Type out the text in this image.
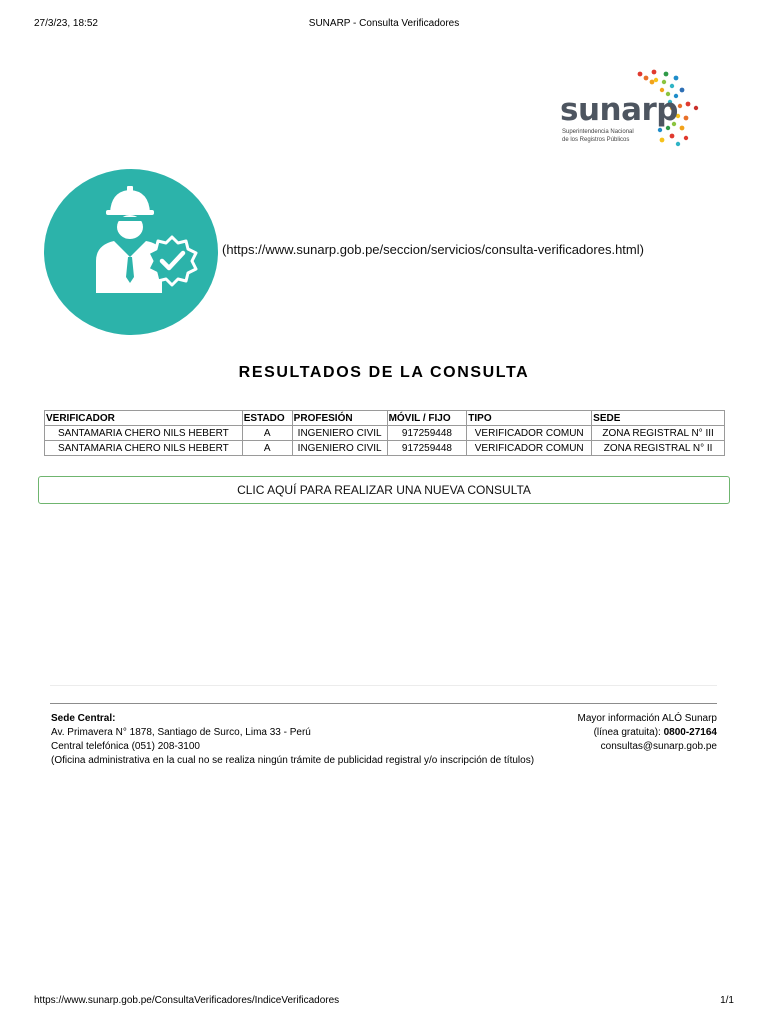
27/3/23, 18:52	SUNARP - Consulta Verificadores
sunarp
Superintendencia Nacional
de los Registros Públicos
(https://www.sunarp.gob.pe/seccion/servicios/consulta-verificadores.html)
RESULTADOS DE LA CONSULTA
VERIFICADOR	ESTADO	PROFESIÓN	MÓVIL / FIJO	TIPO	SEDE
SANTAMARIA CHERO NILS HEBERT	A	INGENIERO CIVIL	917259448	VERIFICADOR COMUN	ZONA REGISTRAL N° III
SANTAMARIA CHERO NILS HEBERT	A	INGENIERO CIVIL	917259448	VERIFICADOR COMUN	ZONA REGISTRAL N° II
CLIC AQUÍ PARA REALIZAR UNA NUEVA CONSULTA
Sede Central:
Av. Primavera N° 1878, Santiago de Surco, Lima 33 - Perú
Central telefónica (051) 208-3100
(Oficina administrativa en la cual no se realiza ningún trámite de publicidad registral y/o inscripción de títulos)
Mayor información ALÓ Sunarp
(línea gratuita): 0800-27164
consultas@sunarp.gob.pe
https://www.sunarp.gob.pe/ConsultaVerificadores/IndiceVerificadores	1/1
